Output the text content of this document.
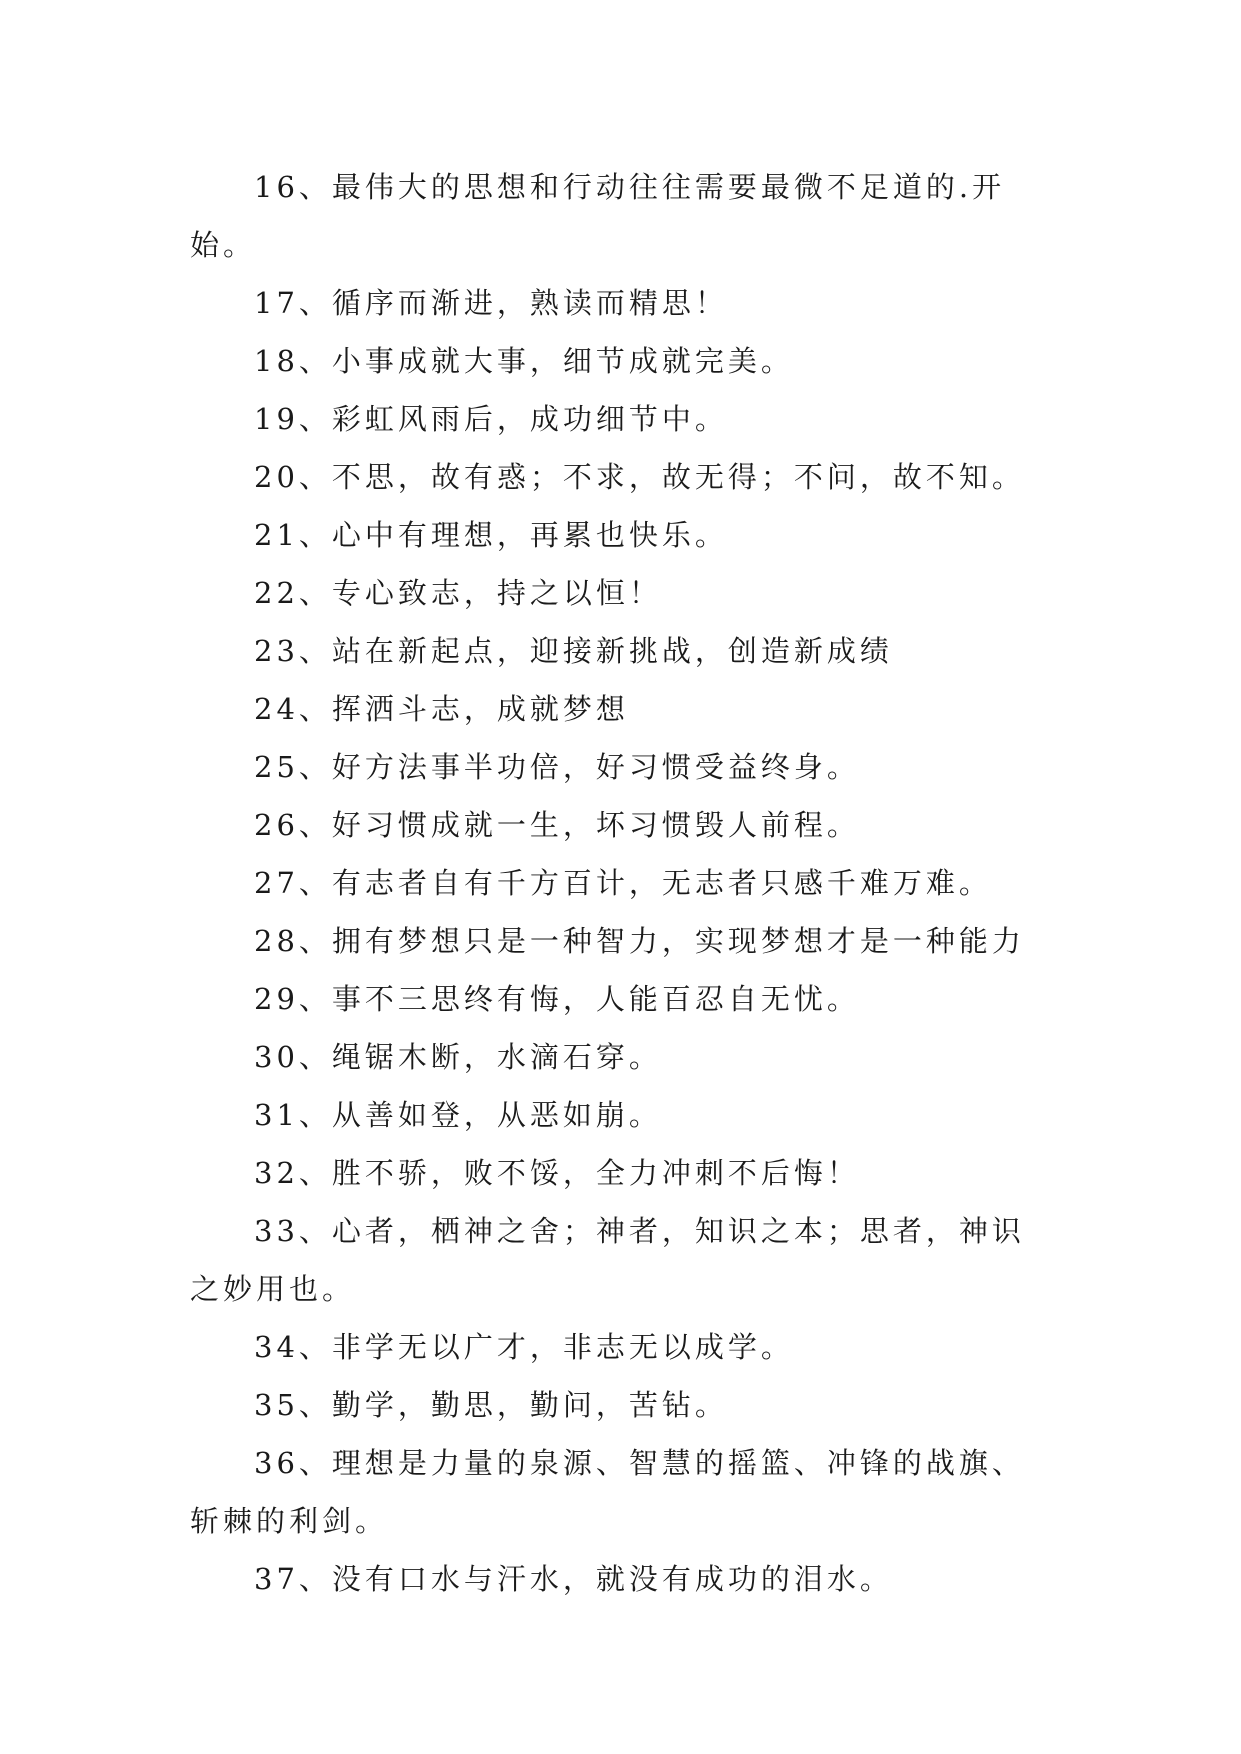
16、最伟大的思想和行动往往需要最微不足道的.开始。

17、循序而渐进，熟读而精思！

18、小事成就大事，细节成就完美。

19、彩虹风雨后，成功细节中。

20、不思，故有惑；不求，故无得；不问，故不知。

21、心中有理想，再累也快乐。

22、专心致志，持之以恒！

23、站在新起点，迎接新挑战，创造新成绩

24、挥洒斗志，成就梦想

25、好方法事半功倍，好习惯受益终身。

26、好习惯成就一生，坏习惯毁人前程。

27、有志者自有千方百计，无志者只感千难万难。

28、拥有梦想只是一种智力，实现梦想才是一种能力

29、事不三思终有悔，人能百忍自无忧。

30、绳锯木断，水滴石穿。

31、从善如登，从恶如崩。

32、胜不骄，败不馁，全力冲刺不后悔！

33、心者，栖神之舍；神者，知识之本；思者，神识之妙用也。

34、非学无以广才，非志无以成学。

35、勤学，勤思，勤问，苦钻。

36、理想是力量的泉源、智慧的摇篮、冲锋的战旗、斩棘的利剑。

37、没有口水与汗水，就没有成功的泪水。
